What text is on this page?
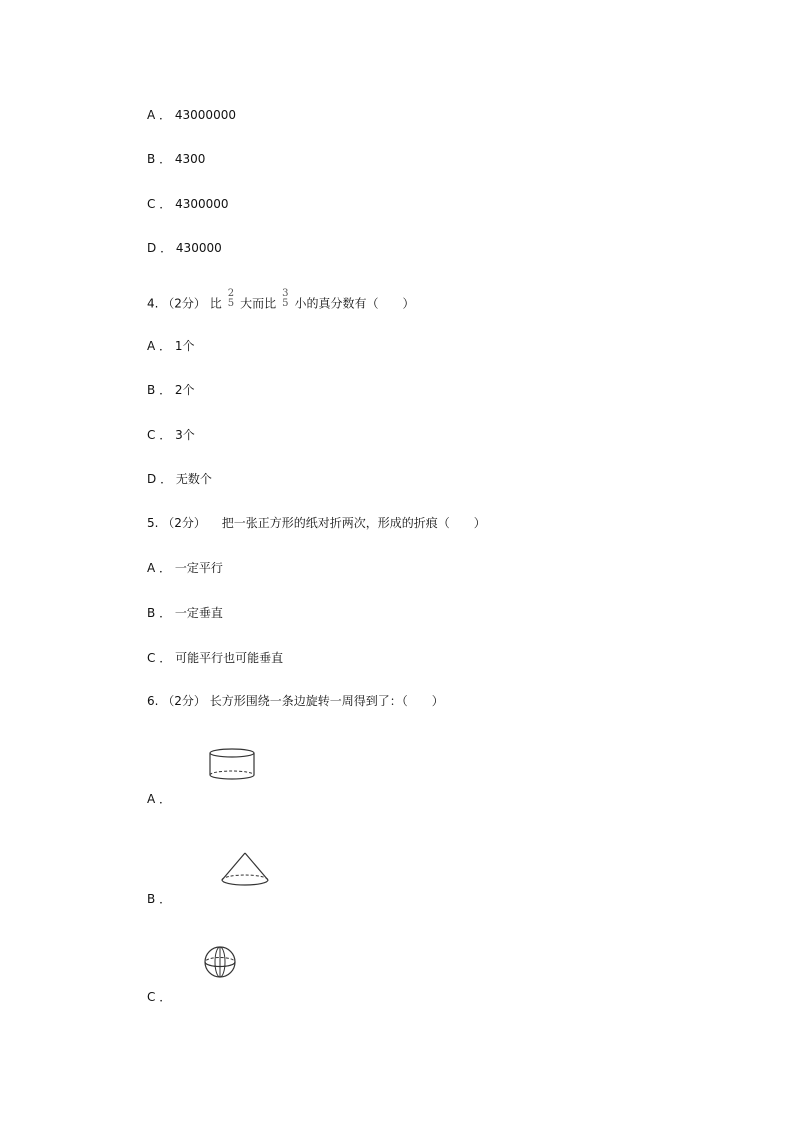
A ． 43000000
B ． 4300
C ． 4300000
D ． 430000
4. （2分） 比
2
5 大而比
3
5 小的真分数有（　　）
A ． 1个
B ． 2个
C ． 3个
D ． 无数个
5. （2分） 把一张正方形的纸对折两次，形成的折痕（　　）
A ． 一定平行
B ． 一定垂直
C ． 可能平行也可能垂直
6. （2分） 长方形围绕一条边旋转一周得到了：（　　）
A ．
B ．
C ．
